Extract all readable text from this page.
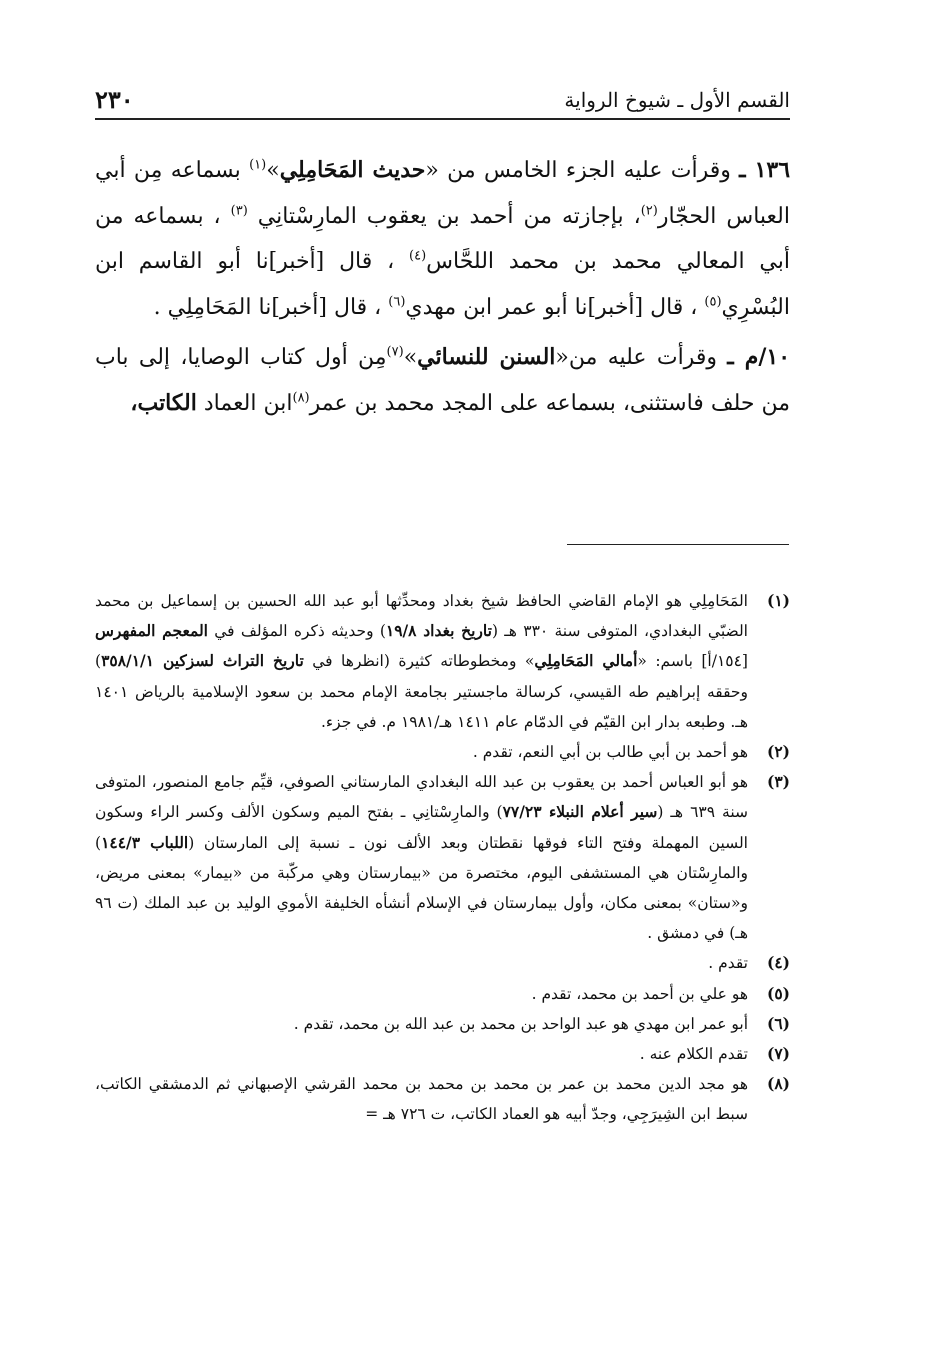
القسم الأول ـ شيوخ الرواية
٢٣٠

١٣٦ ـ وقرأت عليه الجزء الخامس من «حديث المَحَامِلِي»$^{(١)}$ بسماعه مِن أبي العباس الحجّار$^{(٢)}$، بإجازته من أحمد بن يعقوب المارِسْتانِي $^{(٣)}$ ، بسماعه من أبي المعالي محمد بن محمد اللحَّاس$^{(٤)}$ ، قال [أخبر]نا أبو القاسم ابن البُسْرِي$^{(٥)}$ ، قال [أخبر]نا أبو عمر ابن مهدي$^{(٦)}$ ، قال [أخبر]نا المَحَامِلِي .

١٠/م ـ وقرأت عليه من«السنن للنسائي»$^{(٧)}$مِن أول كتاب الوصايا، إلى باب من حلف فاستثنى، بسماعه على المجد محمد بن عمر$^{(٨)}$ابن العماد الكاتب،

(١)
المَحَامِلِي هو الإمام القاضي الحافظ شيخ بغداد ومحدِّثها أبو عبد الله الحسين بن إسماعيل بن محمد الضبّي البغدادي، المتوفى سنة ٣٣٠ هـ (تاريخ بغداد ١٩/٨) وحديثه ذكره المؤلف في المعجم المفهرس [١٥٤/أ] باسم: «أمالي المَحَامِلِي» ومخطوطاته كثيرة (انظرها في تاريخ التراث لسزكين ٣٥٨/١/١) وحققه إبراهيم طه القيسي، كرسالة ماجستير بجامعة الإمام محمد بن سعود الإسلامية بالرياض ١٤٠١ هـ. وطبعه بدار ابن القيّم في الدمّام عام ١٤١١ هـ/١٩٨١ م. في جزء.
(٢)
هو أحمد بن أبي طالب بن أبي النعم، تقدم .
(٣)
هو أبو العباس أحمد بن يعقوب بن عبد الله البغدادي المارستاني الصوفي، قيِّم جامع المنصور، المتوفى سنة ٦٣٩ هـ (سير أعلام النبلاء ٧٧/٢٣) والمارِسْتانِي ـ بفتح الميم وسكون الألف وكسر الراء وسكون السين المهملة وفتح التاء فوقها نقطتان وبعد الألف نون ـ نسبة إلى المارستان (اللباب ١٤٤/٣) والمارِسْتان هي المستشفى اليوم، مختصرة من «بيمارستان وهي مركّبة من «بيمار» بمعنى مريض، و«ستان» بمعنى مكان، وأول بيمارستان في الإسلام أنشأه الخليفة الأموي الوليد بن عبد الملك (ت ٩٦ هـ) في دمشق .
(٤)
تقدم .
(٥)
هو علي بن أحمد بن محمد، تقدم .
(٦)
أبو عمر ابن مهدي هو عبد الواحد بن محمد بن عبد الله بن محمد، تقدم .
(٧)
تقدم الكلام عنه .
(٨)
هو مجد الدين محمد بن عمر بن محمد بن محمد بن محمد القرشي الإصبهاني ثم الدمشقي الكاتب، سبط ابن الشِيرَجِي، وجدّ أبيه هو العماد الكاتب، ت ٧٢٦ هـ =
